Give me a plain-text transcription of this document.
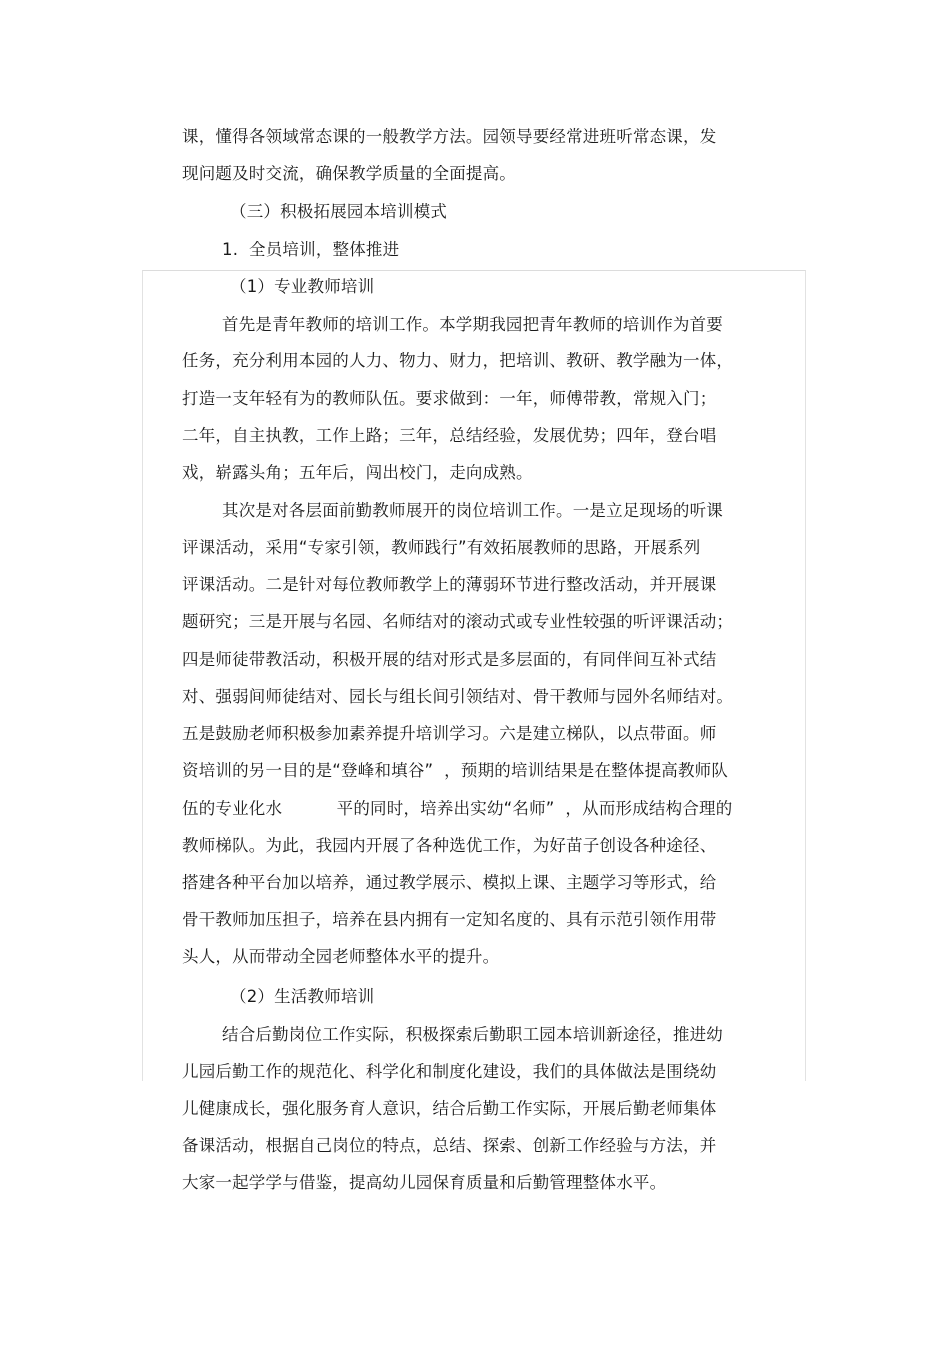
课，懂得各领域常态课的一般教学方法。园领导要经常进班听常态课，发
现问题及时交流，确保教学质量的全面提高。
（三）积极拓展园本培训模式
1.  全员培训，整体推进
（1）专业教师培训
首先是青年教师的培训工作。本学期我园把青年教师的培训作为首要
任务，充分利用本园的人力、物力、财力，把培训、教研、教学融为一体，
打造一支年轻有为的教师队伍。要求做到：一年，师傅带教，常规入门；
二年，自主执教，工作上路；三年，总结经验，发展优势；四年，登台唱
戏，崭露头角；五年后，闯出校门，走向成熟。
其次是对各层面前勤教师展开的岗位培训工作。一是立足现场的听课
评课活动，采用“专家引领，教师践行”有效拓展教师的思路，开展系列
评课活动。二是针对每位教师教学上的薄弱环节进行整改活动，并开展课
题研究；三是开展与名园、名师结对的滚动式或专业性较强的听评课活动；
四是师徒带教活动，积极开展的结对形式是多层面的，有同伴间互补式结
对、强弱间师徒结对、园长与组长间引领结对、骨干教师与园外名师结对。
五是鼓励老师积极参加素养提升培训学习。六是建立梯队，以点带面。师
资培训的另一目的是“登峰和填谷”  ，预期的培训结果是在整体提高教师队
伍的专业化水          平的同时，培养出实幼“名师”  ，从而形成结构合理的
教师梯队。为此，我园内开展了各种选优工作，为好苗子创设各种途径、
搭建各种平台加以培养，通过教学展示、模拟上课、主题学习等形式，给
骨干教师加压担子，培养在县内拥有一定知名度的、具有示范引领作用带
头人，从而带动全园老师整体水平的提升。
（2）生活教师培训
结合后勤岗位工作实际，积极探索后勤职工园本培训新途径，推进幼
儿园后勤工作的规范化、科学化和制度化建设，我们的具体做法是围绕幼
儿健康成长，强化服务育人意识，结合后勤工作实际，开展后勤老师集体
备课活动，根据自己岗位的特点，总结、探索、创新工作经验与方法，并
大家一起学学与借鉴，提高幼儿园保育质量和后勤管理整体水平。
